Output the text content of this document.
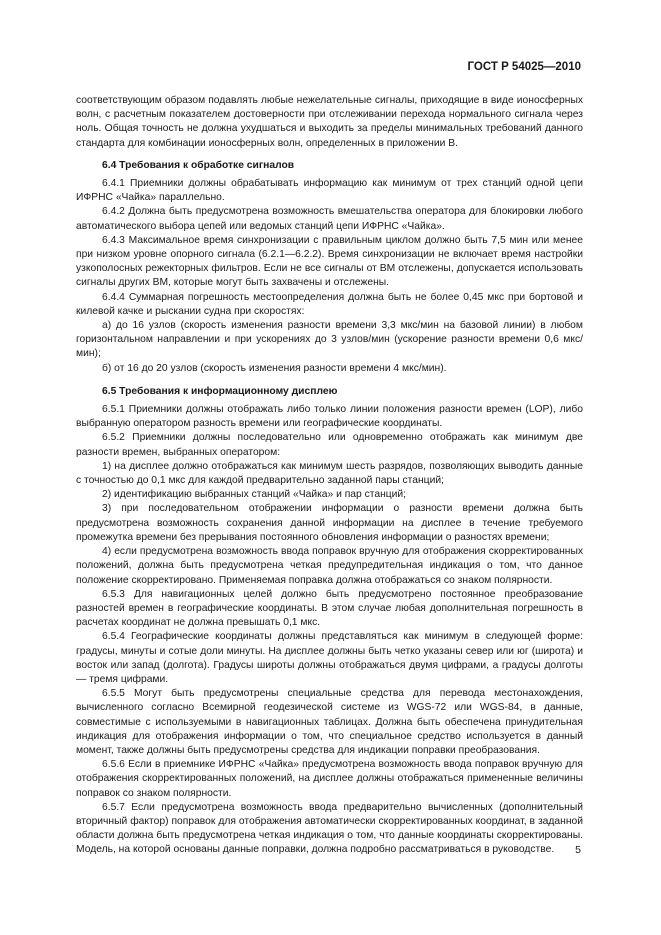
ГОСТ Р 54025—2010

соответствующим образом подавлять любые нежелательные сигналы, приходящие в виде ионосферных волн, с расчетным показателем достоверности при отслеживании перехода нормального сигнала через ноль. Общая точность не должна ухудшаться и выходить за пределы минимальных требований данного стандарта для комбинации ионосферных волн, определенных в приложении В.

6.4 Требования к обработке сигналов

6.4.1 Приемники должны обрабатывать информацию как минимум от трех станций одной цепи ИФРНС «Чайка» параллельно.

6.4.2 Должна быть предусмотрена возможность вмешательства оператора для блокировки любого автоматического выбора цепей или ведомых станций цепи ИФРНС «Чайка».

6.4.3 Максимальное время синхронизации с правильным циклом должно быть 7,5 мин или менее при низком уровне опорного сигнала (6.2.1—6.2.2). Время синхронизации не включает время настройки узкополосных режекторных фильтров. Если не все сигналы от ВМ отслежены, допускается использовать сигналы других ВМ, которые могут быть захвачены и отслежены.

6.4.4 Суммарная погрешность местоопределения должна быть не более 0,45 мкс при бортовой и килевой качке и рыскании судна при скоростях:

а) до 16 узлов (скорость изменения разности времени 3,3 мкс/мин на базовой линии) в любом горизонтальном направлении и при ускорениях до 3 узлов/мин (ускорение разности времени 0,6 мкс/мин);

б) от 16 до 20 узлов (скорость изменения разности времени 4 мкс/мин).

6.5 Требования к информационному дисплею

6.5.1 Приемники должны отображать либо только линии положения разности времен (LOP), либо выбранную оператором разность времени или географические координаты.

6.5.2 Приемники должны последовательно или одновременно отображать как минимум две разности времен, выбранных оператором:

1) на дисплее должно отображаться как минимум шесть разрядов, позволяющих выводить данные с точностью до 0,1 мкс для каждой предварительно заданной пары станций;

2) идентификацию выбранных станций «Чайка» и пар станций;

3) при последовательном отображении информации о разности времени должна быть предусмотрена возможность сохранения данной информации на дисплее в течение требуемого промежутка времени без прерывания постоянного обновления информации о разностях времени;

4) если предусмотрена возможность ввода поправок вручную для отображения скорректированных положений, должна быть предусмотрена четкая предупредительная индикация о том, что данное положение скорректировано. Применяемая поправка должна отображаться со знаком полярности.

6.5.3 Для навигационных целей должно быть предусмотрено постоянное преобразование разностей времен в географические координаты. В этом случае любая дополнительная погрешность в расчетах координат не должна превышать 0,1 мкс.

6.5.4 Географические координаты должны представляться как минимум в следующей форме: градусы, минуты и сотые доли минуты. На дисплее должны быть четко указаны север или юг (широта) и восток или запад (долгота). Градусы широты должны отображаться двумя цифрами, а градусы долготы — тремя цифрами.

6.5.5 Могут быть предусмотрены специальные средства для перевода местонахождения, вычисленного согласно Всемирной геодезической системе из WGS-72 или WGS-84, в данные, совместимые с используемыми в навигационных таблицах. Должна быть обеспечена принудительная индикация для отображения информации о том, что специальное средство используется в данный момент, также должны быть предусмотрены средства для индикации поправки преобразования.

6.5.6 Если в приемнике ИФРНС «Чайка» предусмотрена возможность ввода поправок вручную для отображения скорректированных положений, на дисплее должны отображаться примененные величины поправок со знаком полярности.

6.5.7 Если предусмотрена возможность ввода предварительно вычисленных (дополнительный вторичный фактор) поправок для отображения автоматически скорректированных координат, в заданной области должна быть предусмотрена четкая индикация о том, что данные координаты скорректированы. Модель, на которой основаны данные поправки, должна подробно рассматриваться в руководстве.	5
